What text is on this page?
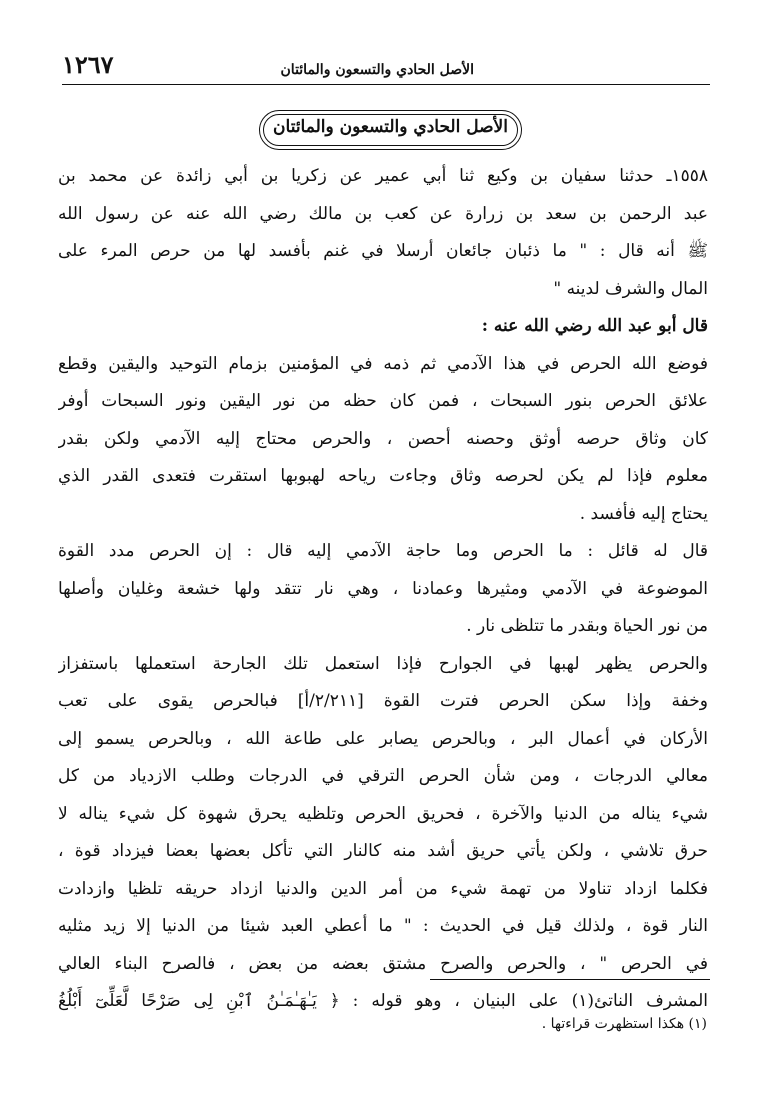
١٢٦٧	الأصل الحادي والتسعون والمائتان
الأصل الحادي والتسعون والمائتان
١٥٥٨ـ حدثنا سفيان بن وكيع ثنا أبي عمير عن زكريا بن أبي زائدة عن محمد بن
عبد الرحمن بن سعد بن زرارة عن كعب بن مالك رضي الله عنه عن رسول الله
ﷺ أنه قال : " ما ذئبان جائعان أرسلا في غنم بأفسد لها من حرص المرء على
المال والشرف لدينه "
قال أبو عبد الله رضي الله عنه :
فوضع الله الحرص في هذا الآدمي ثم ذمه في المؤمنين بزمام التوحيد واليقين وقطع
علائق الحرص بنور السبحات ، فمن كان حظه من نور اليقين ونور السبحات أوفر
كان وثاق حرصه أوثق وحصنه أحصن ، والحرص محتاج إليه الآدمي ولكن بقدر
معلوم فإذا لم يكن لحرصه وثاق وجاءت رياحه لهبوبها استقرت فتعدى القدر الذي
يحتاج إليه فأفسد .
قال له قائل : ما الحرص وما حاجة الآدمي إليه قال : إن الحرص مدد القوة
الموضوعة في الآدمي ومثيرها وعمادنا ، وهي نار تتقد ولها خشعة وغليان وأصلها
من نور الحياة وبقدر ما تتلظى نار .
والحرص يظهر لهبها في الجوارح فإذا استعمل تلك الجارحة استعملها باستفزاز
وخفة وإذا سكن الحرص فترت القوة [٢/٢١١/أ] فبالحرص يقوى على تعب
الأركان في أعمال البر ، وبالحرص يصابر على طاعة الله ، وبالحرص يسمو إلى
معالي الدرجات ، ومن شأن الحرص الترقي في الدرجات وطلب الازدياد من كل
شيء يناله من الدنيا والآخرة ، فحريق الحرص وتلظيه يحرق شهوة كل شيء يناله لا
حرق تلاشي ، ولكن يأتي حريق أشد منه كالنار التي تأكل بعضها بعضا فيزداد قوة ،
فكلما ازداد تناولا من تهمة شيء من أمر الدين والدنيا ازداد حريقه تلظيا وازدادت
النار قوة ، ولذلك قيل في الحديث : " ما أعطي العبد شيئا من الدنيا إلا زيد مثليه
في الحرص " ، والحرص والصرح مشتق بعضه من بعض ، فالصرح البناء العالي
المشرف الناتئ(١) على البنيان ، وهو قوله : ﴿ يَـٰهَـٰمَـٰنُ ٱبْنِ لِى صَرْحًا لَّعَلِّىٓ أَبْلُغُ
(١) هكذا استظهرت قراءتها .
